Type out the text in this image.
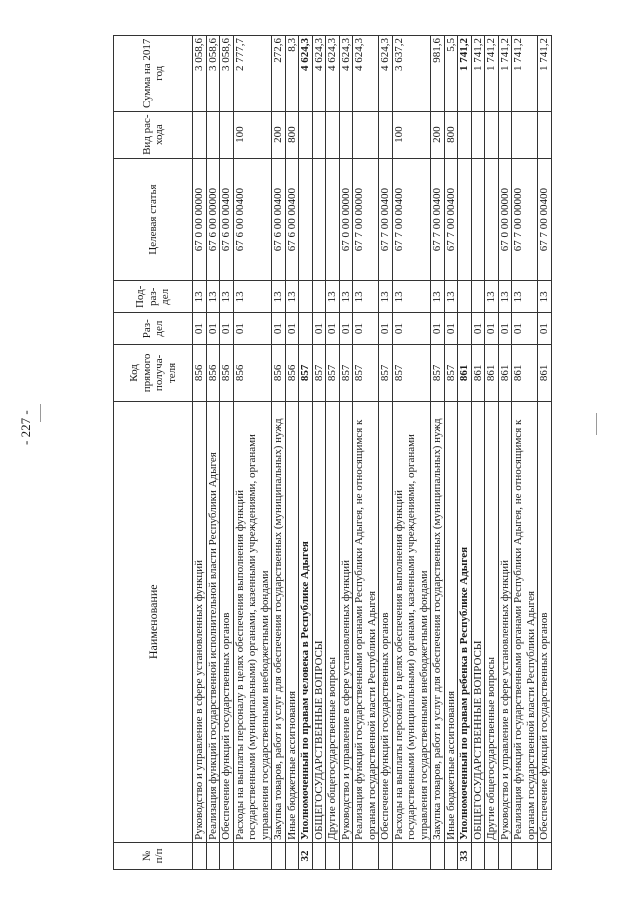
- 227 -
№ п/п	Наименование	Код прямого получа-теля	Раз-дел	Под-раз-дел	Целевая статья	Вид рас-хода	Сумма на 2017 год
	Руководство и управление в сфере установленных функций	856	01	13	67 0 00 00000		3 058,6
	Реализация функций государственной исполнительной власти Республики Адыгея	856	01	13	67 6 00 00000		3 058,6
	Обеспечение функций государственных органов	856	01	13	67 6 00 00400		3 058,6
	Расходы на выплаты персоналу в целях обеспечения выполнения функций государственными (муниципальными) органами, казенными учреждениями, органами управления государственными внебюджетными фондами	856	01	13	67 6 00 00400	100	2 777,7
	Закупка товаров, работ и услуг для обеспечения государственных (муниципальных) нужд	856	01	13	67 6 00 00400	200	272,6
	Иные бюджетные ассигнования	856	01	13	67 6 00 00400	800	8,3
32	Уполномоченный по правам человека в Республике Адыгея	857					4 624,3
	ОБЩЕГОСУДАРСТВЕННЫЕ ВОПРОСЫ	857	01				4 624,3
	Другие общегосударственные вопросы	857	01	13			4 624,3
	Руководство и управление в сфере установленных функций	857	01	13	67 0 00 00000		4 624,3
	Реализация функций государственными органами Республики Адыгея, не относящимся к органам государственной власти Республики Адыгея	857	01	13	67 7 00 00000		4 624,3
	Обеспечение функций государственных органов	857	01	13	67 7 00 00400		4 624,3
	Расходы на выплаты персоналу в целях обеспечения выполнения функций государственными (муниципальными) органами, казенными учреждениями, органами управления государственными внебюджетными фондами	857	01	13	67 7 00 00400	100	3 637,2
	Закупка товаров, работ и услуг для обеспечения государственных (муниципальных) нужд	857	01	13	67 7 00 00400	200	981,6
	Иные бюджетные ассигнования	857	01	13	67 7 00 00400	800	5,5
33	Уполномоченный по правам ребенка в Республике Адыгея	861					1 741,2
	ОБЩЕГОСУДАРСТВЕННЫЕ ВОПРОСЫ	861	01				1 741,2
	Другие общегосударственные вопросы	861	01	13			1 741,2
	Руководство и управление в сфере установленных функций	861	01	13	67 0 00 00000		1 741,2
	Реализация функций государственными органами Республики Адыгея, не относящимся к органам государственной власти Республики Адыгея	861	01	13	67 7 00 00000		1 741,2
	Обеспечение функций государственных органов	861	01	13	67 7 00 00400		1 741,2
